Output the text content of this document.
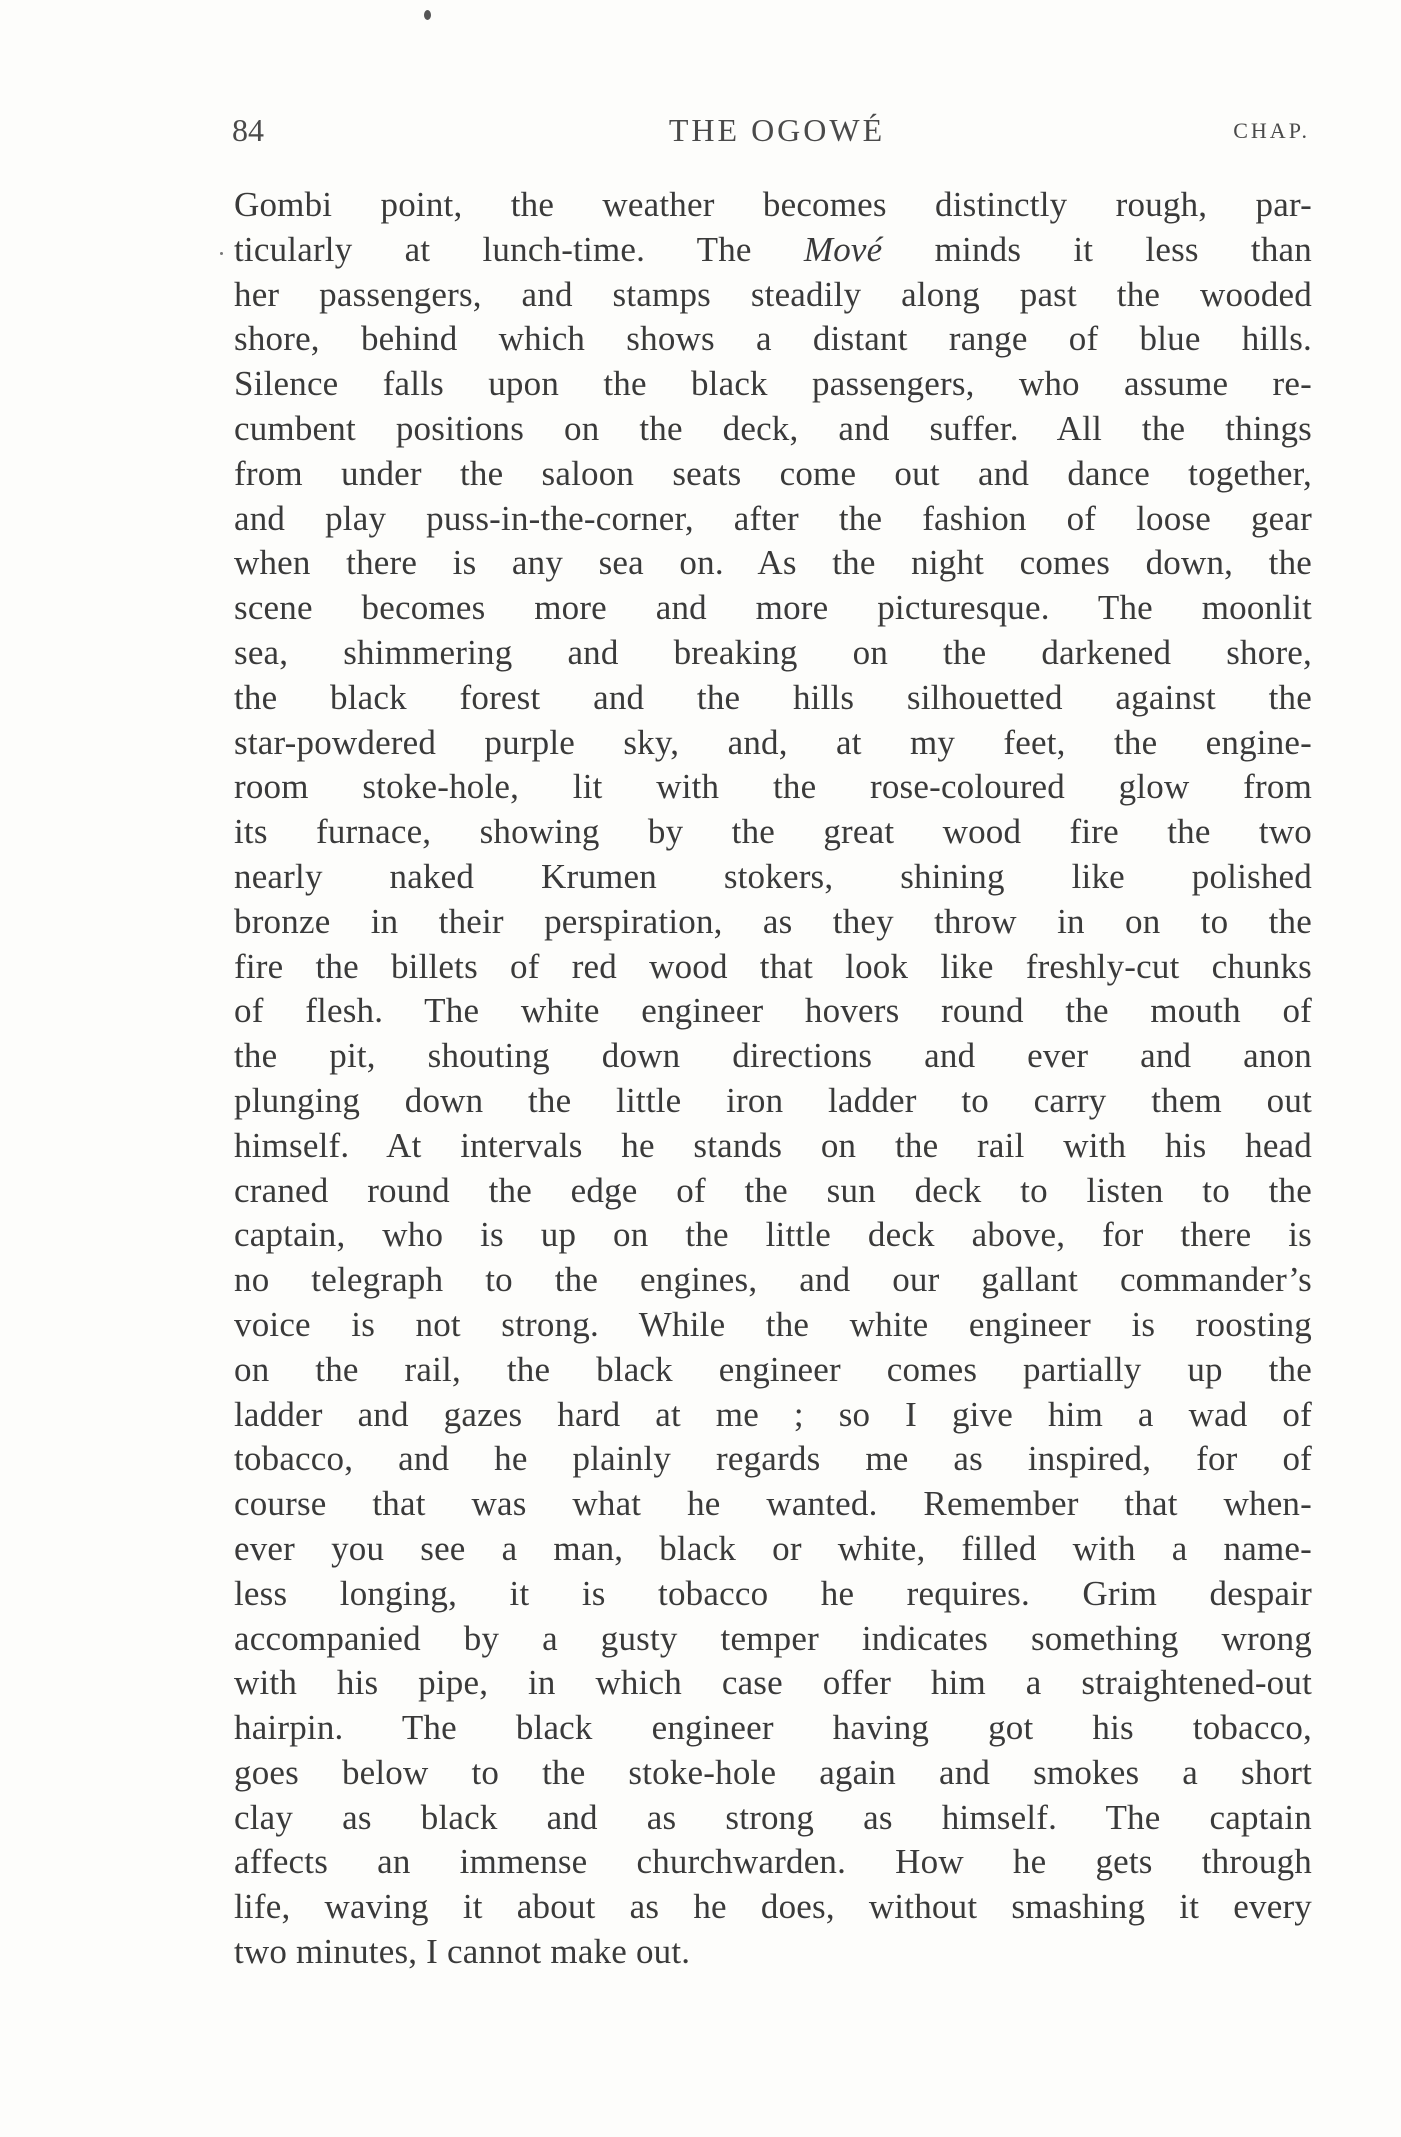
84	THE OGOWÉ	CHAP.
Gombi point, the weather becomes distinctly rough, par-
ticularly at lunch-time. The Mové minds it less than
her passengers, and stamps steadily along past the wooded
shore, behind which shows a distant range of blue hills.
Silence falls upon the black passengers, who assume re-
cumbent positions on the deck, and suffer. All the things
from under the saloon seats come out and dance together,
and play puss-in-the-corner, after the fashion of loose gear
when there is any sea on. As the night comes down, the
scene becomes more and more picturesque. The moonlit
sea, shimmering and breaking on the darkened shore,
the black forest and the hills silhouetted against the
star-powdered purple sky, and, at my feet, the engine-
room stoke-hole, lit with the rose-coloured glow from
its furnace, showing by the great wood fire the two
nearly naked Krumen stokers, shining like polished
bronze in their perspiration, as they throw in on to the
fire the billets of red wood that look like freshly-cut chunks
of flesh. The white engineer hovers round the mouth of
the pit, shouting down directions and ever and anon
plunging down the little iron ladder to carry them out
himself. At intervals he stands on the rail with his head
craned round the edge of the sun deck to listen to the
captain, who is up on the little deck above, for there is
no telegraph to the engines, and our gallant commander’s
voice is not strong. While the white engineer is roosting
on the rail, the black engineer comes partially up the
ladder and gazes hard at me ; so I give him a wad of
tobacco, and he plainly regards me as inspired, for of
course that was what he wanted. Remember that when-
ever you see a man, black or white, filled with a name-
less longing, it is tobacco he requires. Grim despair
accompanied by a gusty temper indicates something wrong
with his pipe, in which case offer him a straightened-out
hairpin. The black engineer having got his tobacco,
goes below to the stoke-hole again and smokes a short
clay as black and as strong as himself. The captain
affects an immense churchwarden. How he gets through
life, waving it about as he does, without smashing it every
two minutes, I cannot make out.
